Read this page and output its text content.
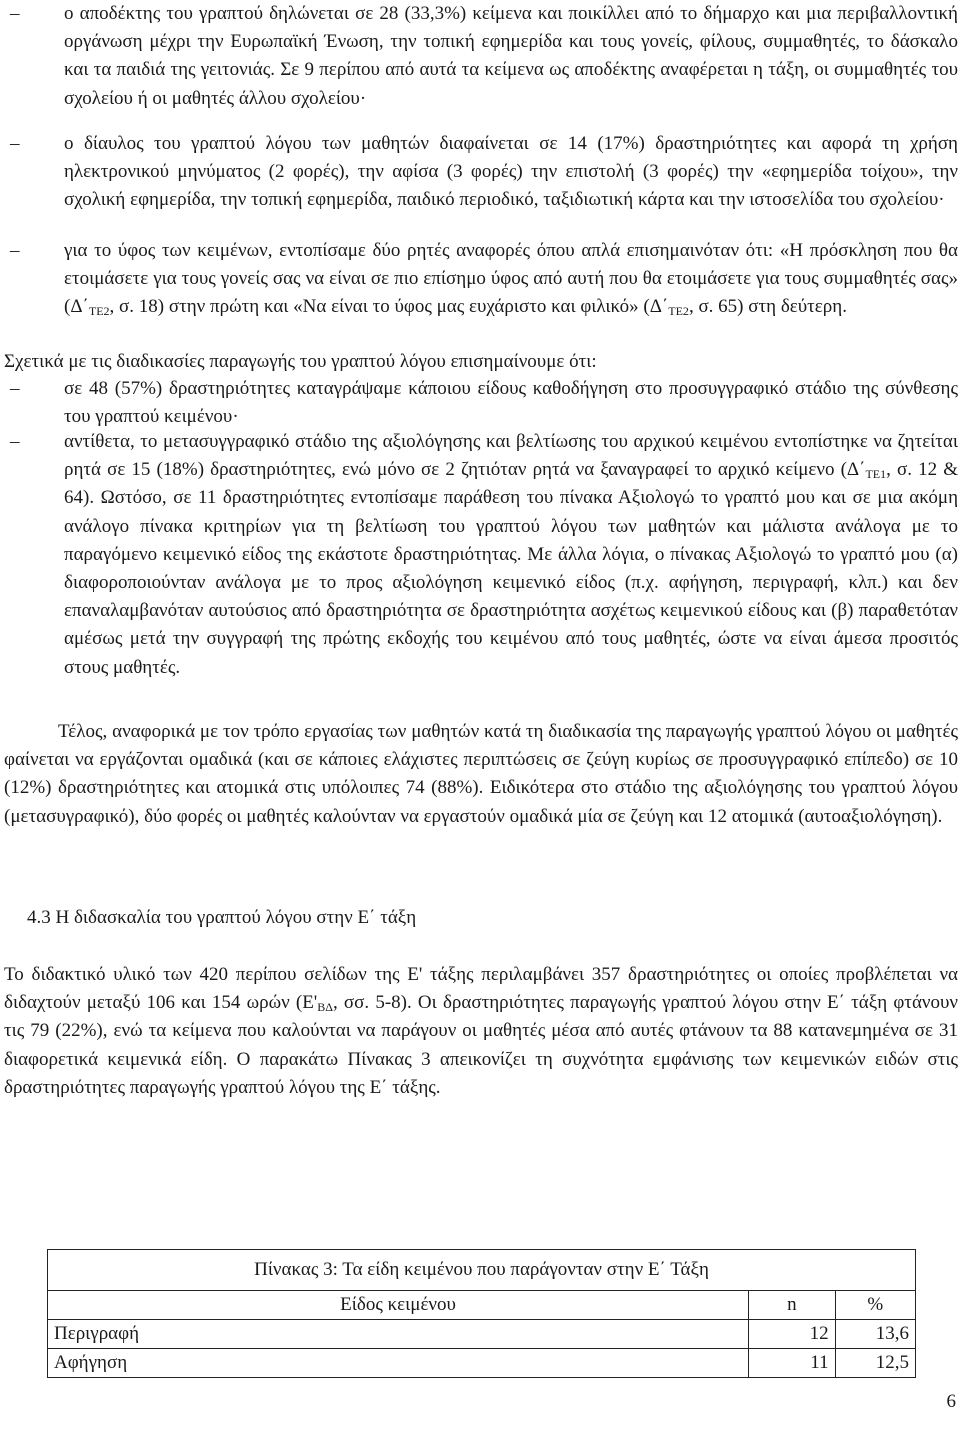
–	ο αποδέκτης του γραπτού δηλώνεται σε 28 (33,3%) κείμενα και ποικίλλει από το δήμαρχο και μια περιβαλλοντική οργάνωση μέχρι την Ευρωπαϊκή Ένωση, την τοπική εφημερίδα και τους γονείς, φίλους, συμμαθητές, το δάσκαλο και τα παιδιά της γειτονιάς. Σε 9 περίπου από αυτά τα κείμενα ως αποδέκτης αναφέρεται η τάξη, οι συμμαθητές του σχολείου ή οι μαθητές άλλου σχολείου·
–	ο δίαυλος του γραπτού λόγου των μαθητών διαφαίνεται σε 14 (17%) δραστηριότητες και αφορά τη χρήση ηλεκτρονικού μηνύματος (2 φορές), την αφίσα (3 φορές) την επιστολή (3 φορές) την «εφημερίδα τοίχου», την σχολική εφημερίδα, την τοπική εφημερίδα, παιδικό περιοδικό, ταξιδιωτική κάρτα και την ιστοσελίδα του σχολείου·
–	για το ύφος των κειμένων, εντοπίσαμε δύο ρητές αναφορές όπου απλά επισημαινόταν ότι: «Η πρόσκληση που θα ετοιμάσετε για τους γονείς σας να είναι σε πιο επίσημο ύφος από αυτή που θα ετοιμάσετε για τους συμμαθητές σας» ($\Delta΄_{TE2}$, σ. 18) στην πρώτη και «Να είναι το ύφος μας ευχάριστο και φιλικό» ($\Delta΄_{TE2}$, σ. 65) στη δεύτερη.

Σχετικά με τις διαδικασίες παραγωγής του γραπτού λόγου επισημαίνουμε ότι:

–	σε 48 (57%) δραστηριότητες καταγράψαμε κάποιου είδους καθοδήγηση στο προσυγγραφικό στάδιο της σύνθεσης του γραπτού κειμένου·
–	αντίθετα, το μετασυγγραφικό στάδιο της αξιολόγησης και βελτίωσης του αρχικού κειμένου εντοπίστηκε να ζητείται ρητά σε 15 (18%) δραστηριότητες, ενώ μόνο σε 2 ζητιόταν ρητά να ξαναγραφεί το αρχικό κείμενο ($\Delta΄_{TE1}$, σ. 12 & 64). Ωστόσο, σε 11 δραστηριότητες εντοπίσαμε παράθεση του πίνακα Αξιολογώ το γραπτό μου και σε μια ακόμη ανάλογο πίνακα κριτηρίων για τη βελτίωση του γραπτού λόγου των μαθητών και μάλιστα ανάλογα με το παραγόμενο κειμενικό είδος της εκάστοτε δραστηριότητας. Με άλλα λόγια, ο πίνακας Αξιολογώ το γραπτό μου (α) διαφοροποιούνταν ανάλογα με το προς αξιολόγηση κειμενικό είδος (π.χ. αφήγηση, περιγραφή, κλπ.) και δεν επαναλαμβανόταν αυτούσιος από δραστηριότητα σε δραστηριότητα ασχέτως κειμενικού είδους και (β) παραθετόταν αμέσως μετά την συγγραφή της πρώτης εκδοχής του κειμένου από τους μαθητές, ώστε να είναι άμεσα προσιτός στους μαθητές.

Τέλος, αναφορικά με τον τρόπο εργασίας των μαθητών κατά τη διαδικασία της παραγωγής γραπτού λόγου οι μαθητές φαίνεται να εργάζονται ομαδικά (και σε κάποιες ελάχιστες περιπτώσεις σε ζεύγη κυρίως σε προσυγγραφικό επίπεδο) σε 10 (12%) δραστηριότητες και ατομικά στις υπόλοιπες 74 (88%). Ειδικότερα στο στάδιο της αξιολόγησης του γραπτού λόγου (μετασυγραφικό), δύο φορές οι μαθητές καλούνταν να εργαστούν ομαδικά μία σε ζεύγη και 12 ατομικά (αυτοαξιολόγηση).

4.3 Η διδασκαλία του γραπτού λόγου στην Ε΄ τάξη

Το διδακτικό υλικό των 420 περίπου σελίδων της Ε' τάξης περιλαμβάνει 357 δραστηριότητες οι οποίες προβλέπεται να διδαχτούν μεταξύ 106 και 154 ωρών ($E'_{B\Delta}$, σσ. 5-8). Οι δραστηριότητες παραγωγής γραπτού λόγου στην Ε΄ τάξη φτάνουν τις 79 (22%), ενώ τα κείμενα που καλούνται να παράγουν οι μαθητές μέσα από αυτές φτάνουν τα 88 κατανεμημένα σε 31 διαφορετικά κειμενικά είδη. Ο παρακάτω Πίνακας 3 απεικονίζει τη συχνότητα εμφάνισης των κειμενικών ειδών στις δραστηριότητες παραγωγής γραπτού λόγου της Ε΄ τάξης.

Πίνακας 3: Τα είδη κειμένου που παράγονταν στην Ε΄ Τάξη		
Είδος κειμένου	n	%
Περιγραφή	12	13,6
Αφήγηση	11	12,5
6
